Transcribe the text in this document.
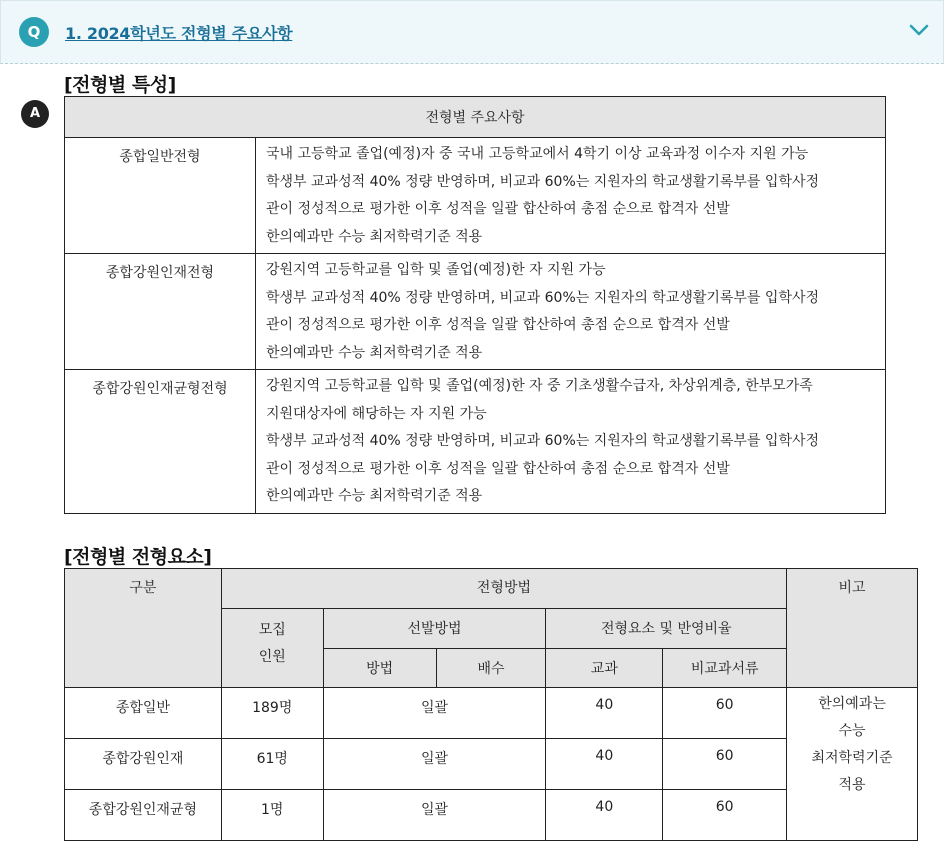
Q	1. 2024학년도 전형별 주요사항
A
[전형별 특성]
전형별 주요사항	
종합일반전형	국내 고등학교 졸업(예정)자 중 국내 고등학교에서 4학기 이상 교육과정 이수자 지원 가능
학생부 교과성적 40% 정량 반영하며, 비교과 60%는 지원자의 학교생활기록부를 입학사정
관이 정성적으로 평가한 이후 성적을 일괄 합산하여 총점 순으로 합격자 선발
한의예과만 수능 최저학력기준 적용

종합강원인재전형	강원지역 고등학교를 입학 및 졸업(예정)한 자 지원 가능
학생부 교과성적 40% 정량 반영하며, 비교과 60%는 지원자의 학교생활기록부를 입학사정
관이 정성적으로 평가한 이후 성적을 일괄 합산하여 총점 순으로 합격자 선발
한의예과만 수능 최저학력기준 적용

종합강원인재균형전형	강원지역 고등학교를 입학 및 졸업(예정)한 자 중 기초생활수급자, 차상위계층, 한부모가족
지원대상자에 해당하는 자 지원 가능
학생부 교과성적 40% 정량 반영하며, 비교과 60%는 지원자의 학교생활기록부를 입학사정
관이 정성적으로 평가한 이후 성적을 일괄 합산하여 총점 순으로 합격자 선발
한의예과만 수능 최저학력기준 적용
[전형별 전형요소]
구분	전형방법					비고

	모집
인원	선발방법		전형요소 및 반영비율		
		방법	배수	교과	비교과서류	
종합일반	189명	일괄		40	60	한의예과는
수능
최저학력기준
적용

종합강원인재	61명	일괄		40	60	
종합강원인재균형	1명	일괄		40	60	
